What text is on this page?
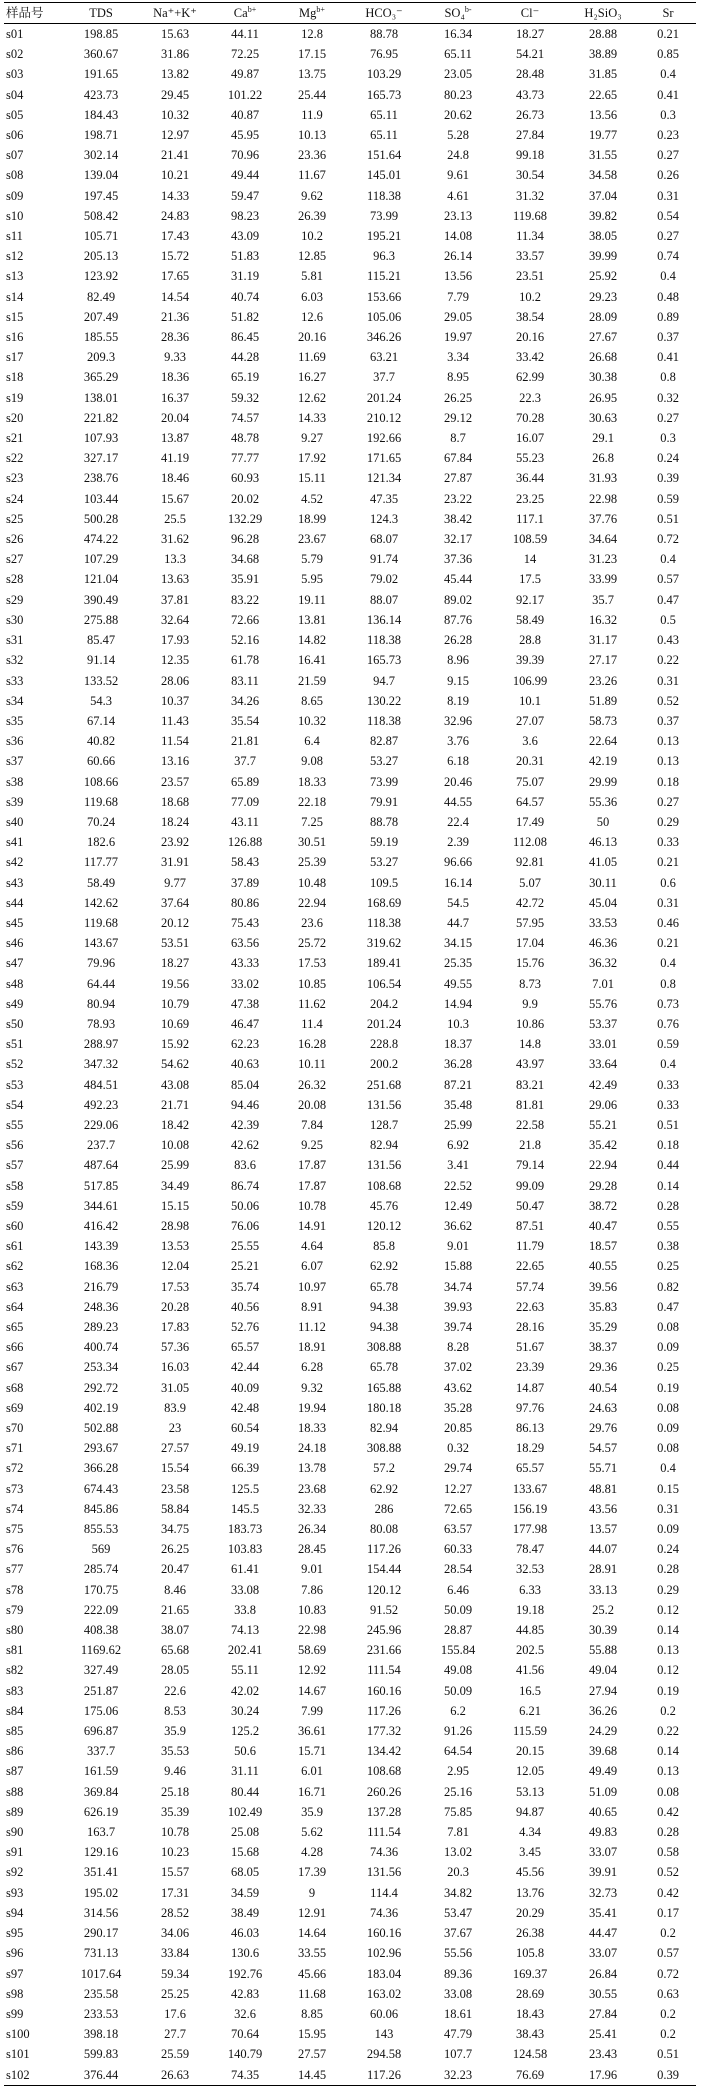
样品号	TDS	Na⁺+K⁺	$Ca^{b+}$	$Mg^{b+}$	HCO₃⁻	SO₄$^{b-}$	Cl⁻	H₂SiO₃	Sr
s01	198.85	15.63	44.11	12.8	88.78	16.34	18.27	28.88	0.21
s02	360.67	31.86	72.25	17.15	76.95	65.11	54.21	38.89	0.85
s03	191.65	13.82	49.87	13.75	103.29	23.05	28.48	31.85	0.4
s04	423.73	29.45	101.22	25.44	165.73	80.23	43.73	22.65	0.41
s05	184.43	10.32	40.87	11.9	65.11	20.62	26.73	13.56	0.3
s06	198.71	12.97	45.95	10.13	65.11	5.28	27.84	19.77	0.23
s07	302.14	21.41	70.96	23.36	151.64	24.8	99.18	31.55	0.27
s08	139.04	10.21	49.44	11.67	145.01	9.61	30.54	34.58	0.26
s09	197.45	14.33	59.47	9.62	118.38	4.61	31.32	37.04	0.31
s10	508.42	24.83	98.23	26.39	73.99	23.13	119.68	39.82	0.54
s11	105.71	17.43	43.09	10.2	195.21	14.08	11.34	38.05	0.27
s12	205.13	15.72	51.83	12.85	96.3	26.14	33.57	39.99	0.74
s13	123.92	17.65	31.19	5.81	115.21	13.56	23.51	25.92	0.4
s14	82.49	14.54	40.74	6.03	153.66	7.79	10.2	29.23	0.48
s15	207.49	21.36	51.82	12.6	105.06	29.05	38.54	28.09	0.89
s16	185.55	28.36	86.45	20.16	346.26	19.97	20.16	27.67	0.37
s17	209.3	9.33	44.28	11.69	63.21	3.34	33.42	26.68	0.41
s18	365.29	18.36	65.19	16.27	37.7	8.95	62.99	30.38	0.8
s19	138.01	16.37	59.32	12.62	201.24	26.25	22.3	26.95	0.32
s20	221.82	20.04	74.57	14.33	210.12	29.12	70.28	30.63	0.27
s21	107.93	13.87	48.78	9.27	192.66	8.7	16.07	29.1	0.3
s22	327.17	41.19	77.77	17.92	171.65	67.84	55.23	26.8	0.24
s23	238.76	18.46	60.93	15.11	121.34	27.87	36.44	31.93	0.39
s24	103.44	15.67	20.02	4.52	47.35	23.22	23.25	22.98	0.59
s25	500.28	25.5	132.29	18.99	124.3	38.42	117.1	37.76	0.51
s26	474.22	31.62	96.28	23.67	68.07	32.17	108.59	34.64	0.72
s27	107.29	13.3	34.68	5.79	91.74	37.36	14	31.23	0.4
s28	121.04	13.63	35.91	5.95	79.02	45.44	17.5	33.99	0.57
s29	390.49	37.81	83.22	19.11	88.07	89.02	92.17	35.7	0.47
s30	275.88	32.64	72.66	13.81	136.14	87.76	58.49	16.32	0.5
s31	85.47	17.93	52.16	14.82	118.38	26.28	28.8	31.17	0.43
s32	91.14	12.35	61.78	16.41	165.73	8.96	39.39	27.17	0.22
s33	133.52	28.06	83.11	21.59	94.7	9.15	106.99	23.26	0.31
s34	54.3	10.37	34.26	8.65	130.22	8.19	10.1	51.89	0.52
s35	67.14	11.43	35.54	10.32	118.38	32.96	27.07	58.73	0.37
s36	40.82	11.54	21.81	6.4	82.87	3.76	3.6	22.64	0.13
s37	60.66	13.16	37.7	9.08	53.27	6.18	20.31	42.19	0.13
s38	108.66	23.57	65.89	18.33	73.99	20.46	75.07	29.99	0.18
s39	119.68	18.68	77.09	22.18	79.91	44.55	64.57	55.36	0.27
s40	70.24	18.24	43.11	7.25	88.78	22.4	17.49	50	0.29
s41	182.6	23.92	126.88	30.51	59.19	2.39	112.08	46.13	0.33
s42	117.77	31.91	58.43	25.39	53.27	96.66	92.81	41.05	0.21
s43	58.49	9.77	37.89	10.48	109.5	16.14	5.07	30.11	0.6
s44	142.62	37.64	80.86	22.94	168.69	54.5	42.72	45.04	0.31
s45	119.68	20.12	75.43	23.6	118.38	44.7	57.95	33.53	0.46
s46	143.67	53.51	63.56	25.72	319.62	34.15	17.04	46.36	0.21
s47	79.96	18.27	43.33	17.53	189.41	25.35	15.76	36.32	0.4
s48	64.44	19.56	33.02	10.85	106.54	49.55	8.73	7.01	0.8
s49	80.94	10.79	47.38	11.62	204.2	14.94	9.9	55.76	0.73
s50	78.93	10.69	46.47	11.4	201.24	10.3	10.86	53.37	0.76
s51	288.97	15.92	62.23	16.28	228.8	18.37	14.8	33.01	0.59
s52	347.32	54.62	40.63	10.11	200.2	36.28	43.97	33.64	0.4
s53	484.51	43.08	85.04	26.32	251.68	87.21	83.21	42.49	0.33
s54	492.23	21.71	94.46	20.08	131.56	35.48	81.81	29.06	0.33
s55	229.06	18.42	42.39	7.84	128.7	25.99	22.58	55.21	0.51
s56	237.7	10.08	42.62	9.25	82.94	6.92	21.8	35.42	0.18
s57	487.64	25.99	83.6	17.87	131.56	3.41	79.14	22.94	0.44
s58	517.85	34.49	86.74	17.87	108.68	22.52	99.09	29.28	0.14
s59	344.61	15.15	50.06	10.78	45.76	12.49	50.47	38.72	0.28
s60	416.42	28.98	76.06	14.91	120.12	36.62	87.51	40.47	0.55
s61	143.39	13.53	25.55	4.64	85.8	9.01	11.79	18.57	0.38
s62	168.36	12.04	25.21	6.07	62.92	15.88	22.65	40.55	0.25
s63	216.79	17.53	35.74	10.97	65.78	34.74	57.74	39.56	0.82
s64	248.36	20.28	40.56	8.91	94.38	39.93	22.63	35.83	0.47
s65	289.23	17.83	52.76	11.12	94.38	39.74	28.16	35.29	0.08
s66	400.74	57.36	65.57	18.91	308.88	8.28	51.67	38.37	0.09
s67	253.34	16.03	42.44	6.28	65.78	37.02	23.39	29.36	0.25
s68	292.72	31.05	40.09	9.32	165.88	43.62	14.87	40.54	0.19
s69	402.19	83.9	42.48	19.94	180.18	35.28	97.76	24.63	0.08
s70	502.88	23	60.54	18.33	82.94	20.85	86.13	29.76	0.09
s71	293.67	27.57	49.19	24.18	308.88	0.32	18.29	54.57	0.08
s72	366.28	15.54	66.39	13.78	57.2	29.74	65.57	55.71	0.4
s73	674.43	23.58	125.5	23.68	62.92	12.27	133.67	48.81	0.15
s74	845.86	58.84	145.5	32.33	286	72.65	156.19	43.56	0.31
s75	855.53	34.75	183.73	26.34	80.08	63.57	177.98	13.57	0.09
s76	569	26.25	103.83	28.45	117.26	60.33	78.47	44.07	0.24
s77	285.74	20.47	61.41	9.01	154.44	28.54	32.53	28.91	0.28
s78	170.75	8.46	33.08	7.86	120.12	6.46	6.33	33.13	0.29
s79	222.09	21.65	33.8	10.83	91.52	50.09	19.18	25.2	0.12
s80	408.38	38.07	74.13	22.98	245.96	28.87	44.85	30.39	0.14
s81	1169.62	65.68	202.41	58.69	231.66	155.84	202.5	55.88	0.13
s82	327.49	28.05	55.11	12.92	111.54	49.08	41.56	49.04	0.12
s83	251.87	22.6	42.02	14.67	160.16	50.09	16.5	27.94	0.19
s84	175.06	8.53	30.24	7.99	117.26	6.2	6.21	36.26	0.2
s85	696.87	35.9	125.2	36.61	177.32	91.26	115.59	24.29	0.22
s86	337.7	35.53	50.6	15.71	134.42	64.54	20.15	39.68	0.14
s87	161.59	9.46	31.11	6.01	108.68	2.95	12.05	49.49	0.13
s88	369.84	25.18	80.44	16.71	260.26	25.16	53.13	51.09	0.08
s89	626.19	35.39	102.49	35.9	137.28	75.85	94.87	40.65	0.42
s90	163.7	10.78	25.08	5.62	111.54	7.81	4.34	49.83	0.28
s91	129.16	10.23	15.68	4.28	74.36	13.02	3.45	33.07	0.58
s92	351.41	15.57	68.05	17.39	131.56	20.3	45.56	39.91	0.52
s93	195.02	17.31	34.59	9	114.4	34.82	13.76	32.73	0.42
s94	314.56	28.52	38.49	12.91	74.36	53.47	20.29	35.41	0.17
s95	290.17	34.06	46.03	14.64	160.16	37.67	26.38	44.47	0.2
s96	731.13	33.84	130.6	33.55	102.96	55.56	105.8	33.07	0.57
s97	1017.64	59.34	192.76	45.66	183.04	89.36	169.37	26.84	0.72
s98	235.58	25.25	42.83	11.68	163.02	33.08	28.69	30.55	0.63
s99	233.53	17.6	32.6	8.85	60.06	18.61	18.43	27.84	0.2
s100	398.18	27.7	70.64	15.95	143	47.79	38.43	25.41	0.2
s101	599.83	25.59	140.79	27.57	294.58	107.7	124.58	23.43	0.51
s102	376.44	26.63	74.35	14.45	117.26	32.23	76.69	17.96	0.39
